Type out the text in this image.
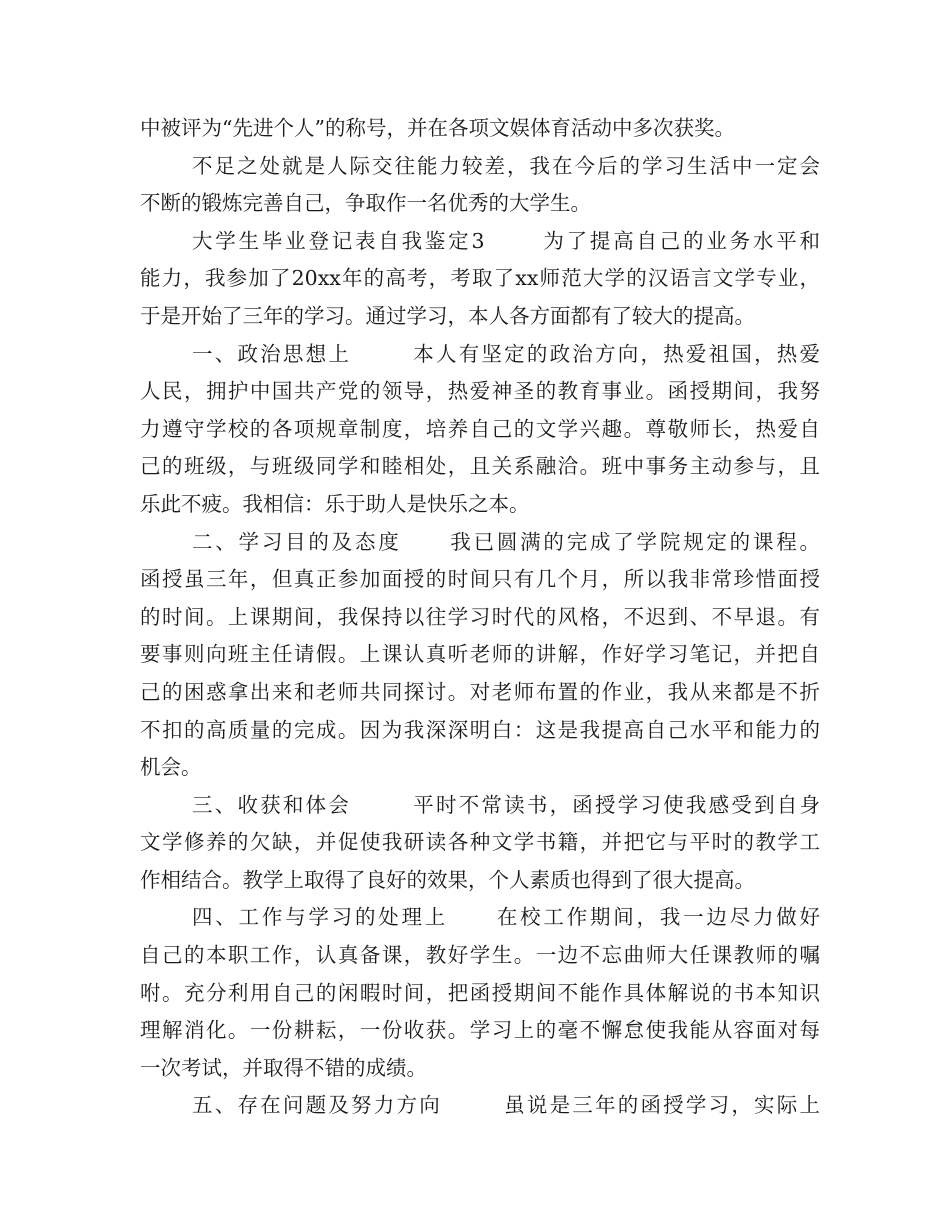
中被评为“先进个人”的称号，并在各项文娱体育活动中多次获奖。
不足之处就是人际交往能力较差，我在今后的学习生活中一定会
不断的锻炼完善自己，争取作一名优秀的大学生。
大学生毕业登记表自我鉴定3	为了提高自己的业务水平和
能力，我参加了20xx年的高考，考取了xx师范大学的汉语言文学专业，
于是开始了三年的学习。通过学习，本人各方面都有了较大的提高。
一、政治思想上	本人有坚定的政治方向，热爱祖国，热爱
人民，拥护中国共产党的领导，热爱神圣的教育事业。函授期间，我努
力遵守学校的各项规章制度，培养自己的文学兴趣。尊敬师长，热爱自
己的班级，与班级同学和睦相处，且关系融洽。班中事务主动参与，且
乐此不疲。我相信：乐于助人是快乐之本。
二、学习目的及态度 我已圆满的完成了学院规定的课程。
函授虽三年，但真正参加面授的时间只有几个月，所以我非常珍惜面授
的时间。上课期间，我保持以往学习时代的风格，不迟到、不早退。有
要事则向班主任请假。上课认真听老师的讲解，作好学习笔记，并把自
己的困惑拿出来和老师共同探讨。对老师布置的作业，我从来都是不折
不扣的高质量的完成。因为我深深明白：这是我提高自己水平和能力的
机会。
三、收获和体会	平时不常读书，函授学习使我感受到自身
文学修养的欠缺，并促使我研读各种文学书籍，并把它与平时的教学工
作相结合。教学上取得了良好的效果，个人素质也得到了很大提高。
四、工作与学习的处理上 在校工作期间，我一边尽力做好
自己的本职工作，认真备课，教好学生。一边不忘曲师大任课教师的嘱
咐。充分利用自己的闲暇时间，把函授期间不能作具体解说的书本知识
理解消化。一份耕耘，一份收获。学习上的毫不懈怠使我能从容面对每
一次考试，并取得不错的成绩。
五、存在问题及努力方向	虽说是三年的函授学习，实际上
